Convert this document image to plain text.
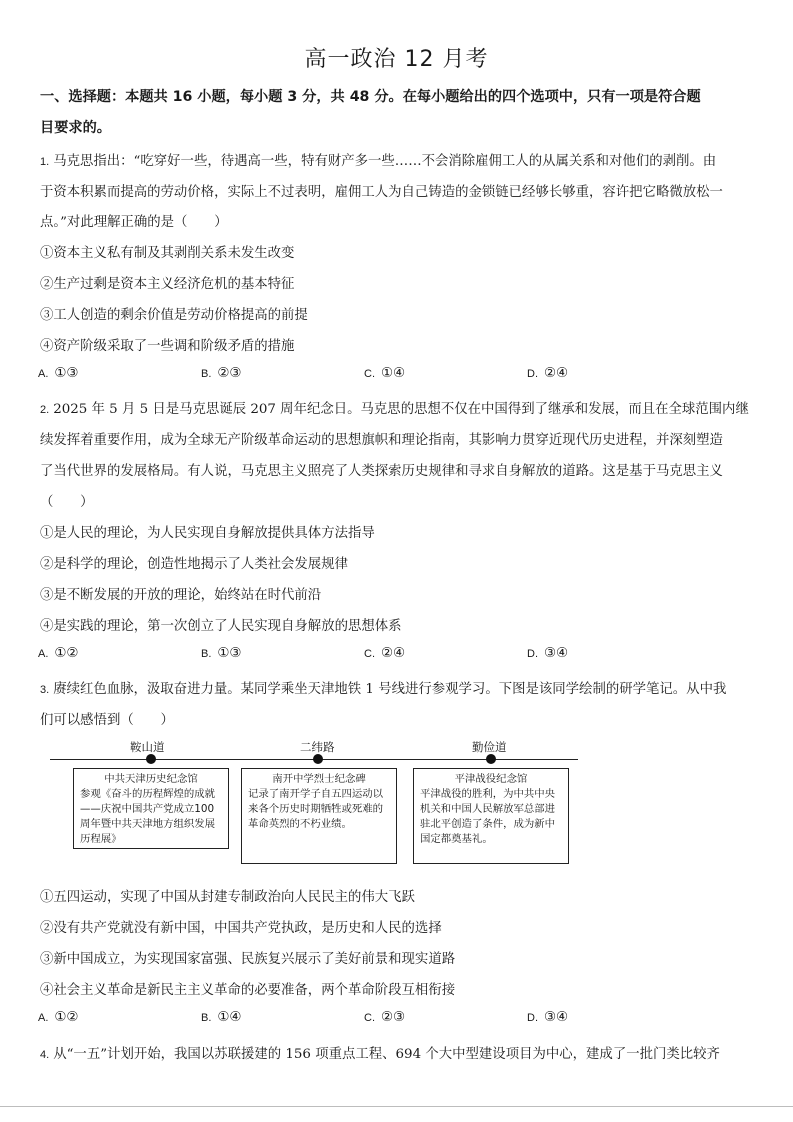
高一政治 12 月考
一、选择题：本题共 16 小题，每小题 3 分，共 48 分。在每小题给出的四个选项中，只有一项是符合题
目要求的。
1. 马克思指出：“吃穿好一些，待遇高一些，特有财产多一些……不会消除雇佣工人的从属关系和对他们的剥削。由
于资本积累而提高的劳动价格，实际上不过表明，雇佣工人为自己铸造的金锁链已经够长够重，容许把它略微放松一
点。”对此理解正确的是（　　）
①资本主义私有制及其剥削关系未发生改变
②生产过剩是资本主义经济危机的基本特征
③工人创造的剩余价值是劳动价格提高的前提
④资产阶级采取了一些调和阶级矛盾的措施
A. ①③	B. ②③	C. ①④	D. ②④
2. 2025 年 5 月 5 日是马克思诞辰 207 周年纪念日。马克思的思想不仅在中国得到了继承和发展，而且在全球范围内继
续发挥着重要作用，成为全球无产阶级革命运动的思想旗帜和理论指南，其影响力贯穿近现代历史进程，并深刻塑造
了当代世界的发展格局。有人说，马克思主义照亮了人类探索历史规律和寻求自身解放的道路。这是基于马克思主义
（　　）
①是人民的理论，为人民实现自身解放提供具体方法指导
②是科学的理论，创造性地揭示了人类社会发展规律
③是不断发展的开放的理论，始终站在时代前沿
④是实践的理论，第一次创立了人民实现自身解放的思想体系
A. ①②	B. ①③	C. ②④	D. ③④
3. 赓续红色血脉，汲取奋进力量。某同学乘坐天津地铁 1 号线进行参观学习。下图是该同学绘制的研学笔记。从中我
们可以感悟到（　　）
鞍山道
中共天津历史纪念馆
参观《奋斗的历程辉煌的成就——庆祝中国共产党成立100周年暨中共天津地方组织发展历程展》
二纬路
南开中学烈士纪念碑
记录了南开学子自五四运动以来各个历史时期牺牲或死难的革命英烈的不朽业绩。
勤俭道
平津战役纪念馆
平津战役的胜利，为中共中央机关和中国人民解放军总部进驻北平创造了条件，成为新中国定都奠基礼。
①五四运动，实现了中国从封建专制政治向人民民主的伟大飞跃
②没有共产党就没有新中国，中国共产党执政，是历史和人民的选择
③新中国成立，为实现国家富强、民族复兴展示了美好前景和现实道路
④社会主义革命是新民主主义革命的必要准备，两个革命阶段互相衔接
A. ①②	B. ①④	C. ②③	D. ③④
4. 从“一五”计划开始，我国以苏联援建的 156 项重点工程、694 个大中型建设项目为中心，建成了一批门类比较齐
